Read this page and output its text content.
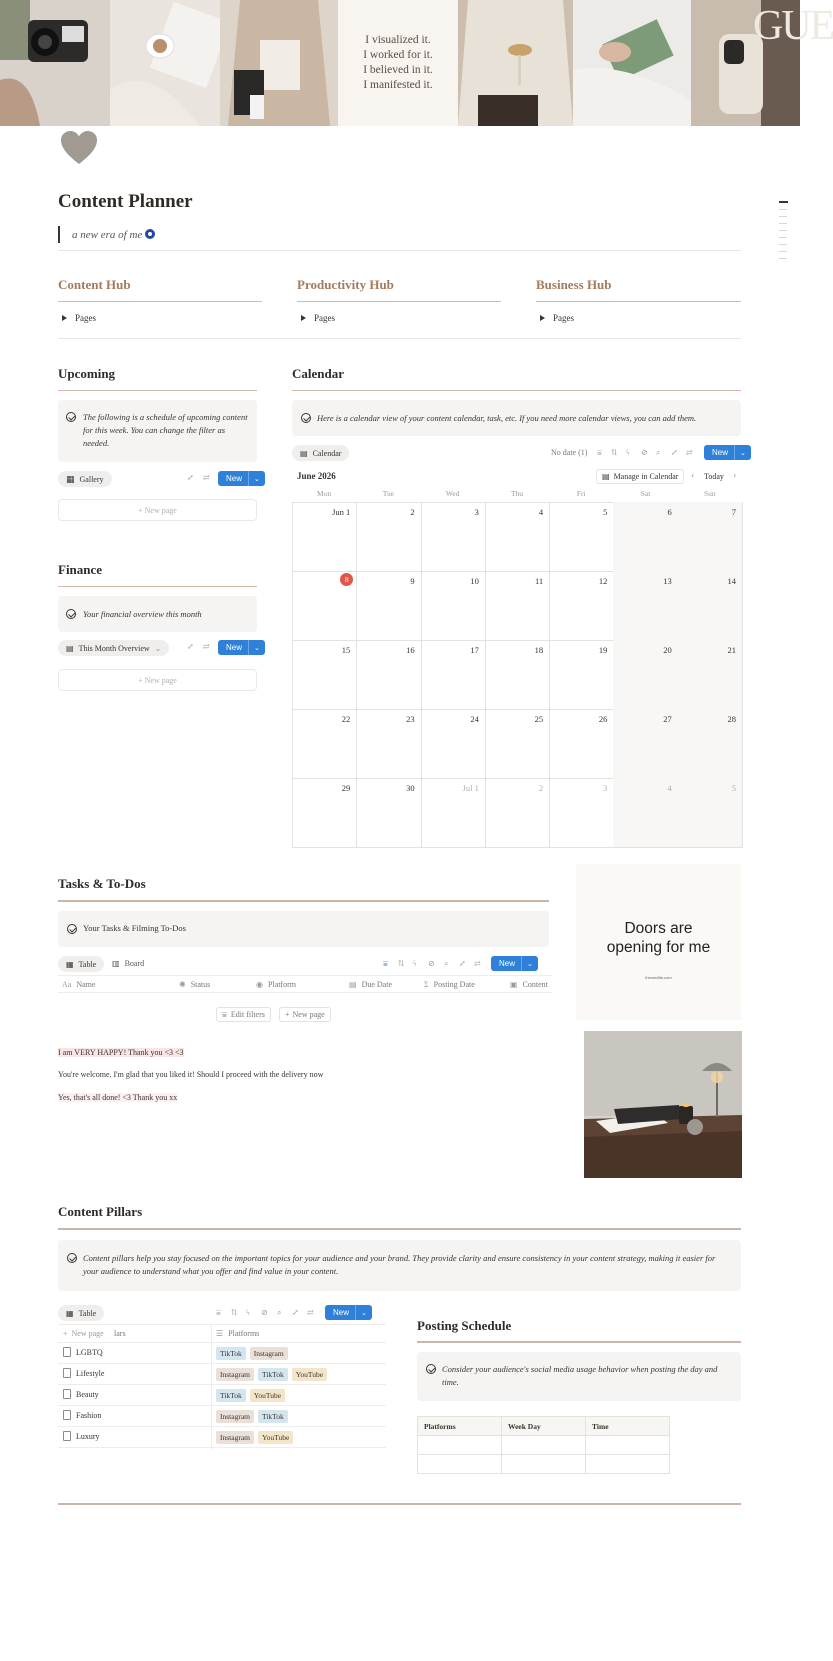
I visualized it.
I worked for it.
I believed in it.
I manifested it.
GUE
Content Planner
a new era of me
Content Hub
Pages
Productivity Hub
Pages
Business Hub
Pages
Upcoming
The following is a schedule of upcoming content for this week. You can change the filter as needed.
▦ Gallery	⤢ ⇄	New	⌄
+ New page
Finance
Your financial overview this month
▤ This Month Overview ⌄	⤢ ⇄	New	⌄
+ New page
Calendar
Here is a calendar view of your content calendar, task, etc. If you need more calendar views, you can add them.
▤ Calendar	No date (1) ⩸ ⇅ ϟ ⊘ ⌕ ⤢ ⇄	New	⌄
June 2026	▤ Manage in Calendar ‹ Today ›
Mon	Tue	Wed	Thu	Fri	Sat	Sun
Jun 1	2	3	4	5	6	7
8	9	10	11	12	13	14
15	16	17	18	19	20	21
22	23	24	25	26	27	28
29	30	Jul 1	2	3	4	5
Tasks & To-Dos
Your Tasks & Filming To-Dos
▦ Table ▥ Board	⩸ ⇅ ϟ ⊘ ⌕ ⤢ ⇄	New	⌄
Aa Name	✺ Status	◉ Platform	▤ Due Date	Σ Posting Date	▣ Content
⩸ Edit filters	+ New page
I am VERY HAPPY! Thank you <3 <3
You're welcome. I'm glad that you liked it! Should I proceed with the delivery now
Yes, that's all done! <3 Thank you xx
Doors are
opening for me
thesricilife.com
Content Pillars
Content pillars help you stay focused on the important topics for your audience and your brand. They provide clarity and ensure consistency in your content strategy, making it easier for your audience to understand what you offer and find value in your content.
▦ Table	⩸ ⇅ ϟ ⊘ ⌕ ⤢ ⇄	New	⌄
+ New page lars	☰ Platforms
LGBTQ	TikTok	Instagram
Lifestyle	Instagram	TikTok	YouTube
Beauty	TikTok	YouTube
Fashion	Instagram	TikTok
Luxury	Instagram	YouTube
Posting Schedule
Consider your audience's social media usage behavior when posting the day and time.
Platforms	Week Day	Time
